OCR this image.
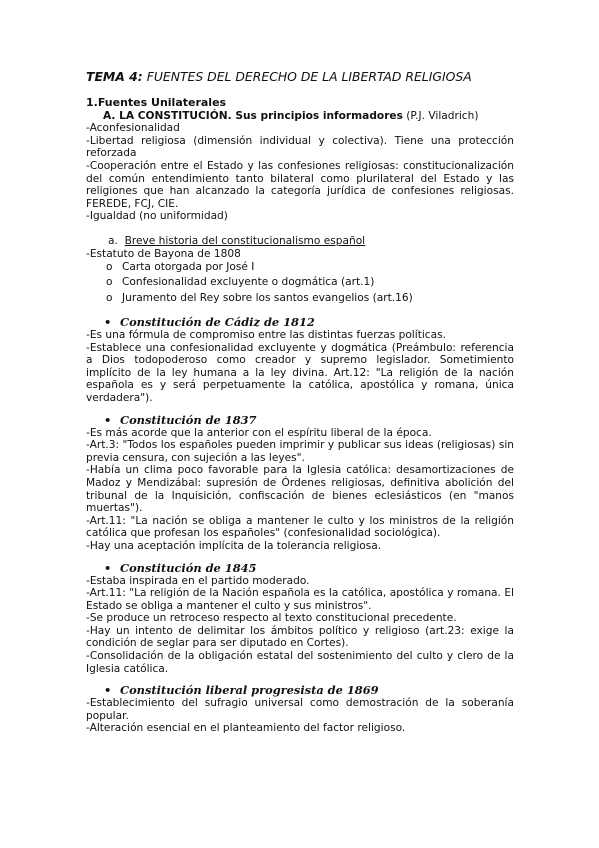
TEMA 4: FUENTES DEL DERECHO DE LA LIBERTAD RELIGIOSA
1.Fuentes Unilaterales
A. LA CONSTITUCIÓN. Sus principios informadores (P.J. Viladrich)

-Aconfesionalidad

-Libertad religiosa (dimensión individual y colectiva). Tiene una protección reforzada

-Cooperación entre el Estado y las confesiones religiosas: constitucionalización del común entendimiento tanto bilateral como plurilateral del Estado y las religiones que han alcanzado la categoría jurídica de confesiones religiosas. FEREDE, FCJ, CIE.

-Igualdad (no uniformidad)

a. Breve historia del constitucionalismo español

-Estatuto de Bayona de 1808

o Carta otorgada por José I
o Confesionalidad excluyente o dogmática (art.1)
o Juramento del Rey sobre los santos evangelios (art.16)
• Constitución de Cádiz de 1812

-Es una fórmula de compromiso entre las distintas fuerzas políticas.

-Establece una confesionalidad excluyente y dogmática (Preámbulo: referencia a Dios todopoderoso como creador y supremo legislador. Sometimiento implícito de la ley humana a la ley divina. Art.12: "La religión de la nación española es y será perpetuamente la católica, apostólica y romana, única verdadera").

• Constitución de 1837

-Es más acorde que la anterior con el espíritu liberal de la época.

-Art.3: "Todos los españoles pueden imprimir y publicar sus ideas (religiosas) sin previa censura, con sujeción a las leyes".

-Había un clima poco favorable para la Iglesia católica: desamortizaciones de Madoz y Mendizábal: supresión de Órdenes religiosas, definitiva abolición del tribunal de la Inquisición, confiscación de bienes eclesiásticos (en "manos muertas").

-Art.11: "La nación se obliga a mantener le culto y los ministros de la religión católica que profesan los españoles" (confesionalidad sociológica).

-Hay una aceptación implícita de la tolerancia religiosa.

• Constitución de 1845

-Estaba inspirada en el partido moderado.

-Art.11: "La religión de la Nación española es la católica, apostólica y romana. El Estado se obliga a mantener el culto y sus ministros".

-Se produce un retroceso respecto al texto constitucional precedente.

-Hay un intento de delimitar los ámbitos político y religioso (art.23: exige la condición de seglar para ser diputado en Cortes).

-Consolidación de la obligación estatal del sostenimiento del culto y clero de la Iglesia católica.

• Constitución liberal progresista de 1869

-Establecimiento del sufragio universal como demostración de la soberanía popular.

-Alteración esencial en el planteamiento del factor religioso.
